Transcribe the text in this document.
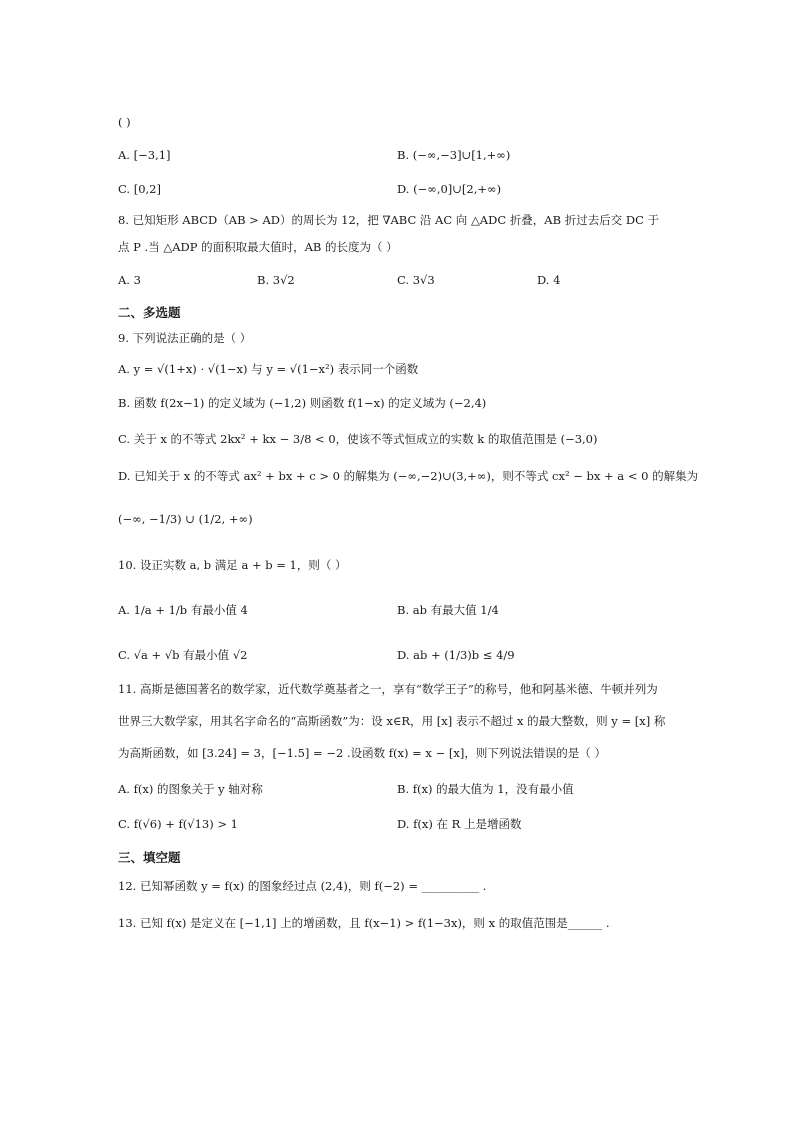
( )
A. [−3,1]	B. (−∞,−3]∪[1,+∞)
C. [0,2]	D. (−∞,0]∪[2,+∞)
8. 已知矩形 ABCD（AB > AD）的周长为 12，把 ∇ABC 沿 AC 向 △ADC 折叠，AB 折过去后交 DC 于
点 P .当 △ADP 的面积取最大值时，AB 的长度为（ ）
A. 3	B. 3√2	C. 3√3	D. 4
二、多选题
9. 下列说法正确的是（ ）
A. y = √(1+x) · √(1−x) 与 y = √(1−x²) 表示同一个函数
B. 函数 f(2x−1) 的定义域为 (−1,2) 则函数 f(1−x) 的定义域为 (−2,4)
C. 关于 x 的不等式 2kx² + kx − 3/8 < 0，使该不等式恒成立的实数 k 的取值范围是 (−3,0)
D. 已知关于 x 的不等式 ax² + bx + c > 0 的解集为 (−∞,−2)∪(3,+∞)，则不等式 cx² − bx + a < 0 的解集为
(−∞, −1/3) ∪ (1/2, +∞)
10. 设正实数 a, b 满足 a + b = 1，则（ ）
A. 1/a + 1/b 有最小值 4	B. ab 有最大值 1/4
C. √a + √b 有最小值 √2	D. ab + (1/3)b ≤ 4/9
11. 高斯是德国著名的数学家，近代数学奠基者之一，享有“数学王子”的称号，他和阿基米德、牛顿并列为
世界三大数学家，用其名字命名的“高斯函数”为：设 x∈R，用 [x] 表示不超过 x 的最大整数，则 y = [x] 称
为高斯函数，如 [3.24] = 3，[−1.5] = −2 .设函数 f(x) = x − [x]，则下列说法错误的是（ ）
A. f(x) 的图象关于 y 轴对称	B. f(x) 的最大值为 1，没有最小值
C. f(√6) + f(√13) > 1	D. f(x) 在 R 上是增函数
三、填空题
12. 已知幂函数 y = f(x) 的图象经过点 (2,4)，则 f(−2) = __________ .
13. 已知 f(x) 是定义在 [−1,1] 上的增函数，且 f(x−1) > f(1−3x)，则 x 的取值范围是______ .
